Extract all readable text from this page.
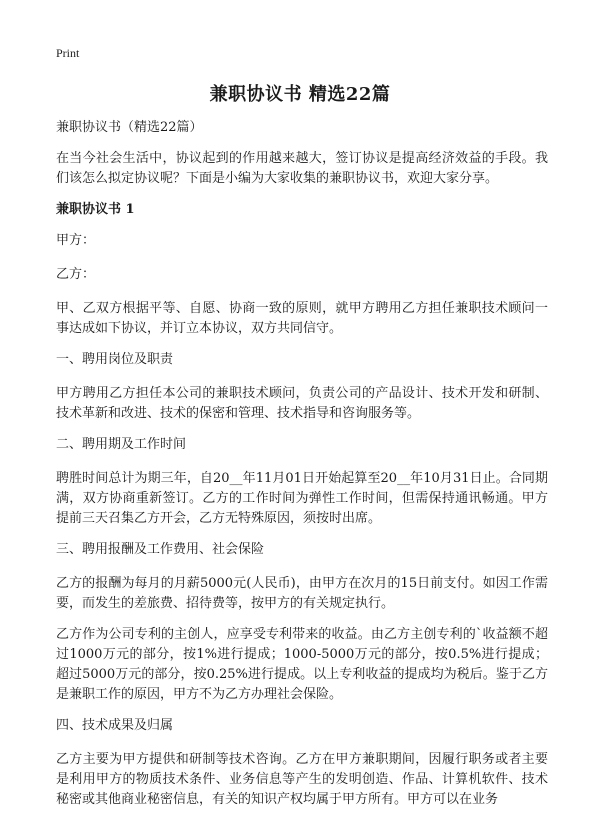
Print
兼职协议书 精选22篇

兼职协议书（精选22篇）

在当今社会生活中，协议起到的作用越来越大，签订协议是提高经济效益的手段。我们该怎么拟定协议呢？下面是小编为大家收集的兼职协议书，欢迎大家分享。

兼职协议书 1

甲方：

乙方：

甲、乙双方根据平等、自愿、协商一致的原则，就甲方聘用乙方担任兼职技术顾问一事达成如下协议，并订立本协议，双方共同信守。

一、聘用岗位及职责

甲方聘用乙方担任本公司的兼职技术顾问，负责公司的产品设计、技术开发和研制、技术革新和改进、技术的保密和管理、技术指导和咨询服务等。

二、聘用期及工作时间

聘胜时间总计为期三年，自20__年11月01日开始起算至20__年10月31日止。合同期满，双方协商重新签订。乙方的工作时间为弹性工作时间，但需保持通讯畅通。甲方提前三天召集乙方开会，乙方无特殊原因，须按时出席。

三、聘用报酬及工作费用、社会保险

乙方的报酬为每月的月薪5000元(人民币)，由甲方在次月的15日前支付。如因工作需要，而发生的差旅费、招待费等，按甲方的有关规定执行。

乙方作为公司专利的主创人，应享受专利带来的收益。由乙方主创专利的`收益额不超过1000万元的部分，按1%进行提成；1000-5000万元的部分，按0.5%进行提成；超过5000万元的部分，按0.25%进行提成。以上专利收益的提成均为税后。鉴于乙方是兼职工作的原因，甲方不为乙方办理社会保险。

四、技术成果及归属

乙方主要为甲方提供和研制等技术咨询。乙方在甲方兼职期间，因履行职务或者主要是利用甲方的物质技术条件、业务信息等产生的发明创造、作品、计算机软件、技术秘密或其他商业秘密信息，有关的知识产权均属于甲方所有。甲方可以在业务
